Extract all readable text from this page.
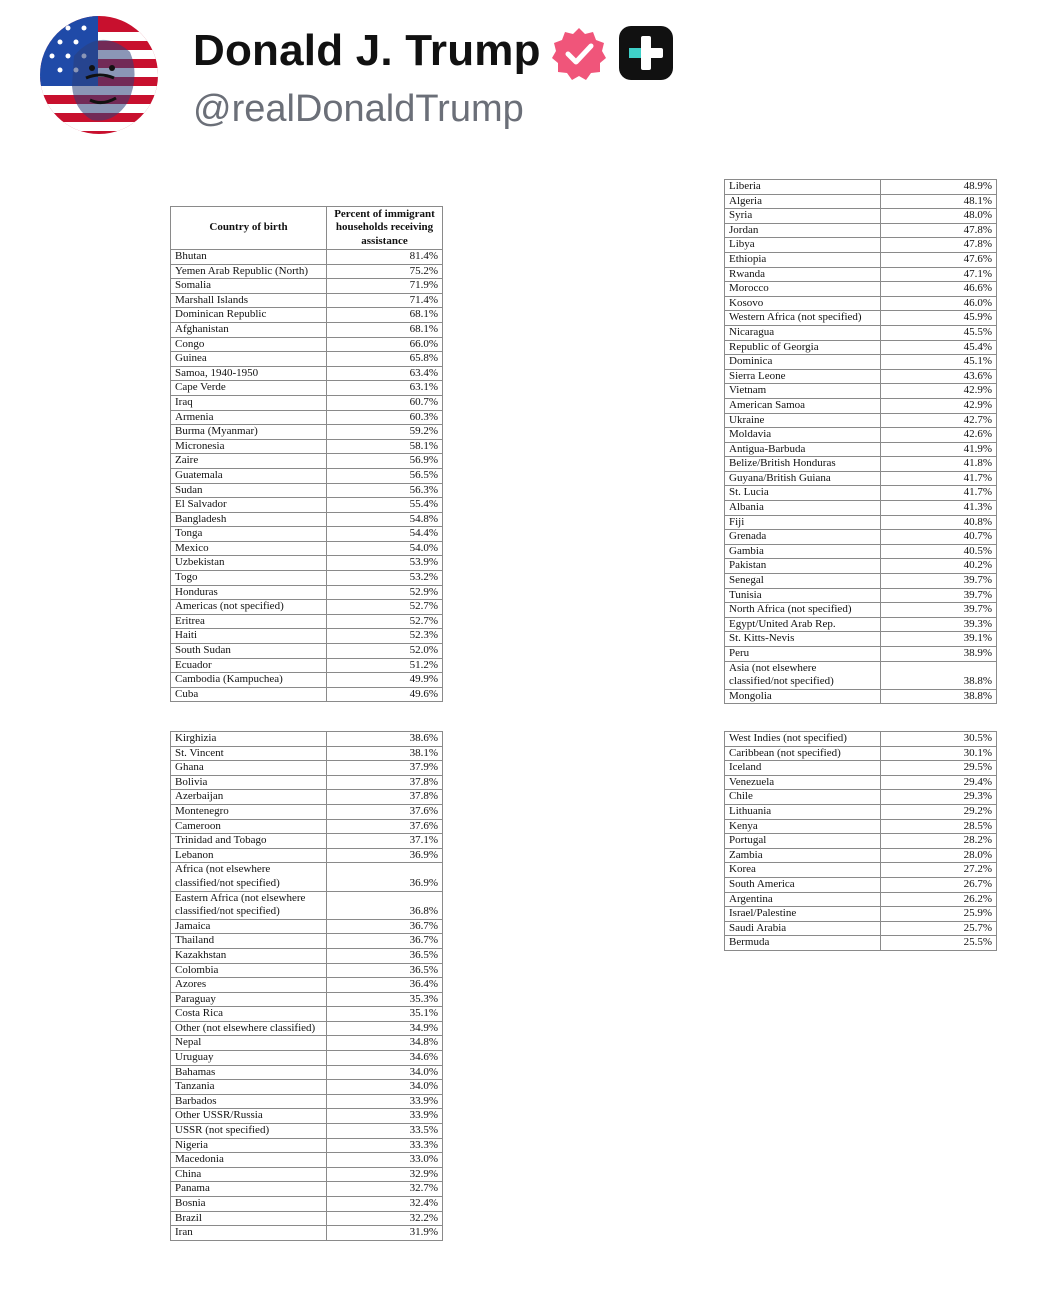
Donald J. Trump
@realDonaldTrump
Country of birth	Percent of immigrant households receiving assistance
Bhutan	81.4%
Yemen Arab Republic (North)	75.2%
Somalia	71.9%
Marshall Islands	71.4%
Dominican Republic	68.1%
Afghanistan	68.1%
Congo	66.0%
Guinea	65.8%
Samoa, 1940-1950	63.4%
Cape Verde	63.1%
Iraq	60.7%
Armenia	60.3%
Burma (Myanmar)	59.2%
Micronesia	58.1%
Zaire	56.9%
Guatemala	56.5%
Sudan	56.3%
El Salvador	55.4%
Bangladesh	54.8%
Tonga	54.4%
Mexico	54.0%
Uzbekistan	53.9%
Togo	53.2%
Honduras	52.9%
Americas (not specified)	52.7%
Eritrea	52.7%
Haiti	52.3%
South Sudan	52.0%
Ecuador	51.2%
Cambodia (Kampuchea)	49.9%
Cuba	49.6%
Liberia	48.9%
Algeria	48.1%
Syria	48.0%
Jordan	47.8%
Libya	47.8%
Ethiopia	47.6%
Rwanda	47.1%
Morocco	46.6%
Kosovo	46.0%
Western Africa (not specified)	45.9%
Nicaragua	45.5%
Republic of Georgia	45.4%
Dominica	45.1%
Sierra Leone	43.6%
Vietnam	42.9%
American Samoa	42.9%
Ukraine	42.7%
Moldavia	42.6%
Antigua-Barbuda	41.9%
Belize/British Honduras	41.8%
Guyana/British Guiana	41.7%
St. Lucia	41.7%
Albania	41.3%
Fiji	40.8%
Grenada	40.7%
Gambia	40.5%
Pakistan	40.2%
Senegal	39.7%
Tunisia	39.7%
North Africa (not specified)	39.7%
Egypt/United Arab Rep.	39.3%
St. Kitts-Nevis	39.1%
Peru	38.9%
Asia (not elsewhere classified/not specified)	38.8%
Mongolia	38.8%
Kirghizia	38.6%
St. Vincent	38.1%
Ghana	37.9%
Bolivia	37.8%
Azerbaijan	37.8%
Montenegro	37.6%
Cameroon	37.6%
Trinidad and Tobago	37.1%
Lebanon	36.9%
Africa (not elsewhere classified/not specified)	36.9%
Eastern Africa (not elsewhere classified/not specified)	36.8%
Jamaica	36.7%
Thailand	36.7%
Kazakhstan	36.5%
Colombia	36.5%
Azores	36.4%
Paraguay	35.3%
Costa Rica	35.1%
Other (not elsewhere classified)	34.9%
Nepal	34.8%
Uruguay	34.6%
Bahamas	34.0%
Tanzania	34.0%
Barbados	33.9%
Other USSR/Russia	33.9%
USSR (not specified)	33.5%
Nigeria	33.3%
Macedonia	33.0%
China	32.9%
Panama	32.7%
Bosnia	32.4%
Brazil	32.2%
Iran	31.9%
West Indies (not specified)	30.5%
Caribbean (not specified)	30.1%
Iceland	29.5%
Venezuela	29.4%
Chile	29.3%
Lithuania	29.2%
Kenya	28.5%
Portugal	28.2%
Zambia	28.0%
Korea	27.2%
South America	26.7%
Argentina	26.2%
Israel/Palestine	25.9%
Saudi Arabia	25.7%
Bermuda	25.5%
